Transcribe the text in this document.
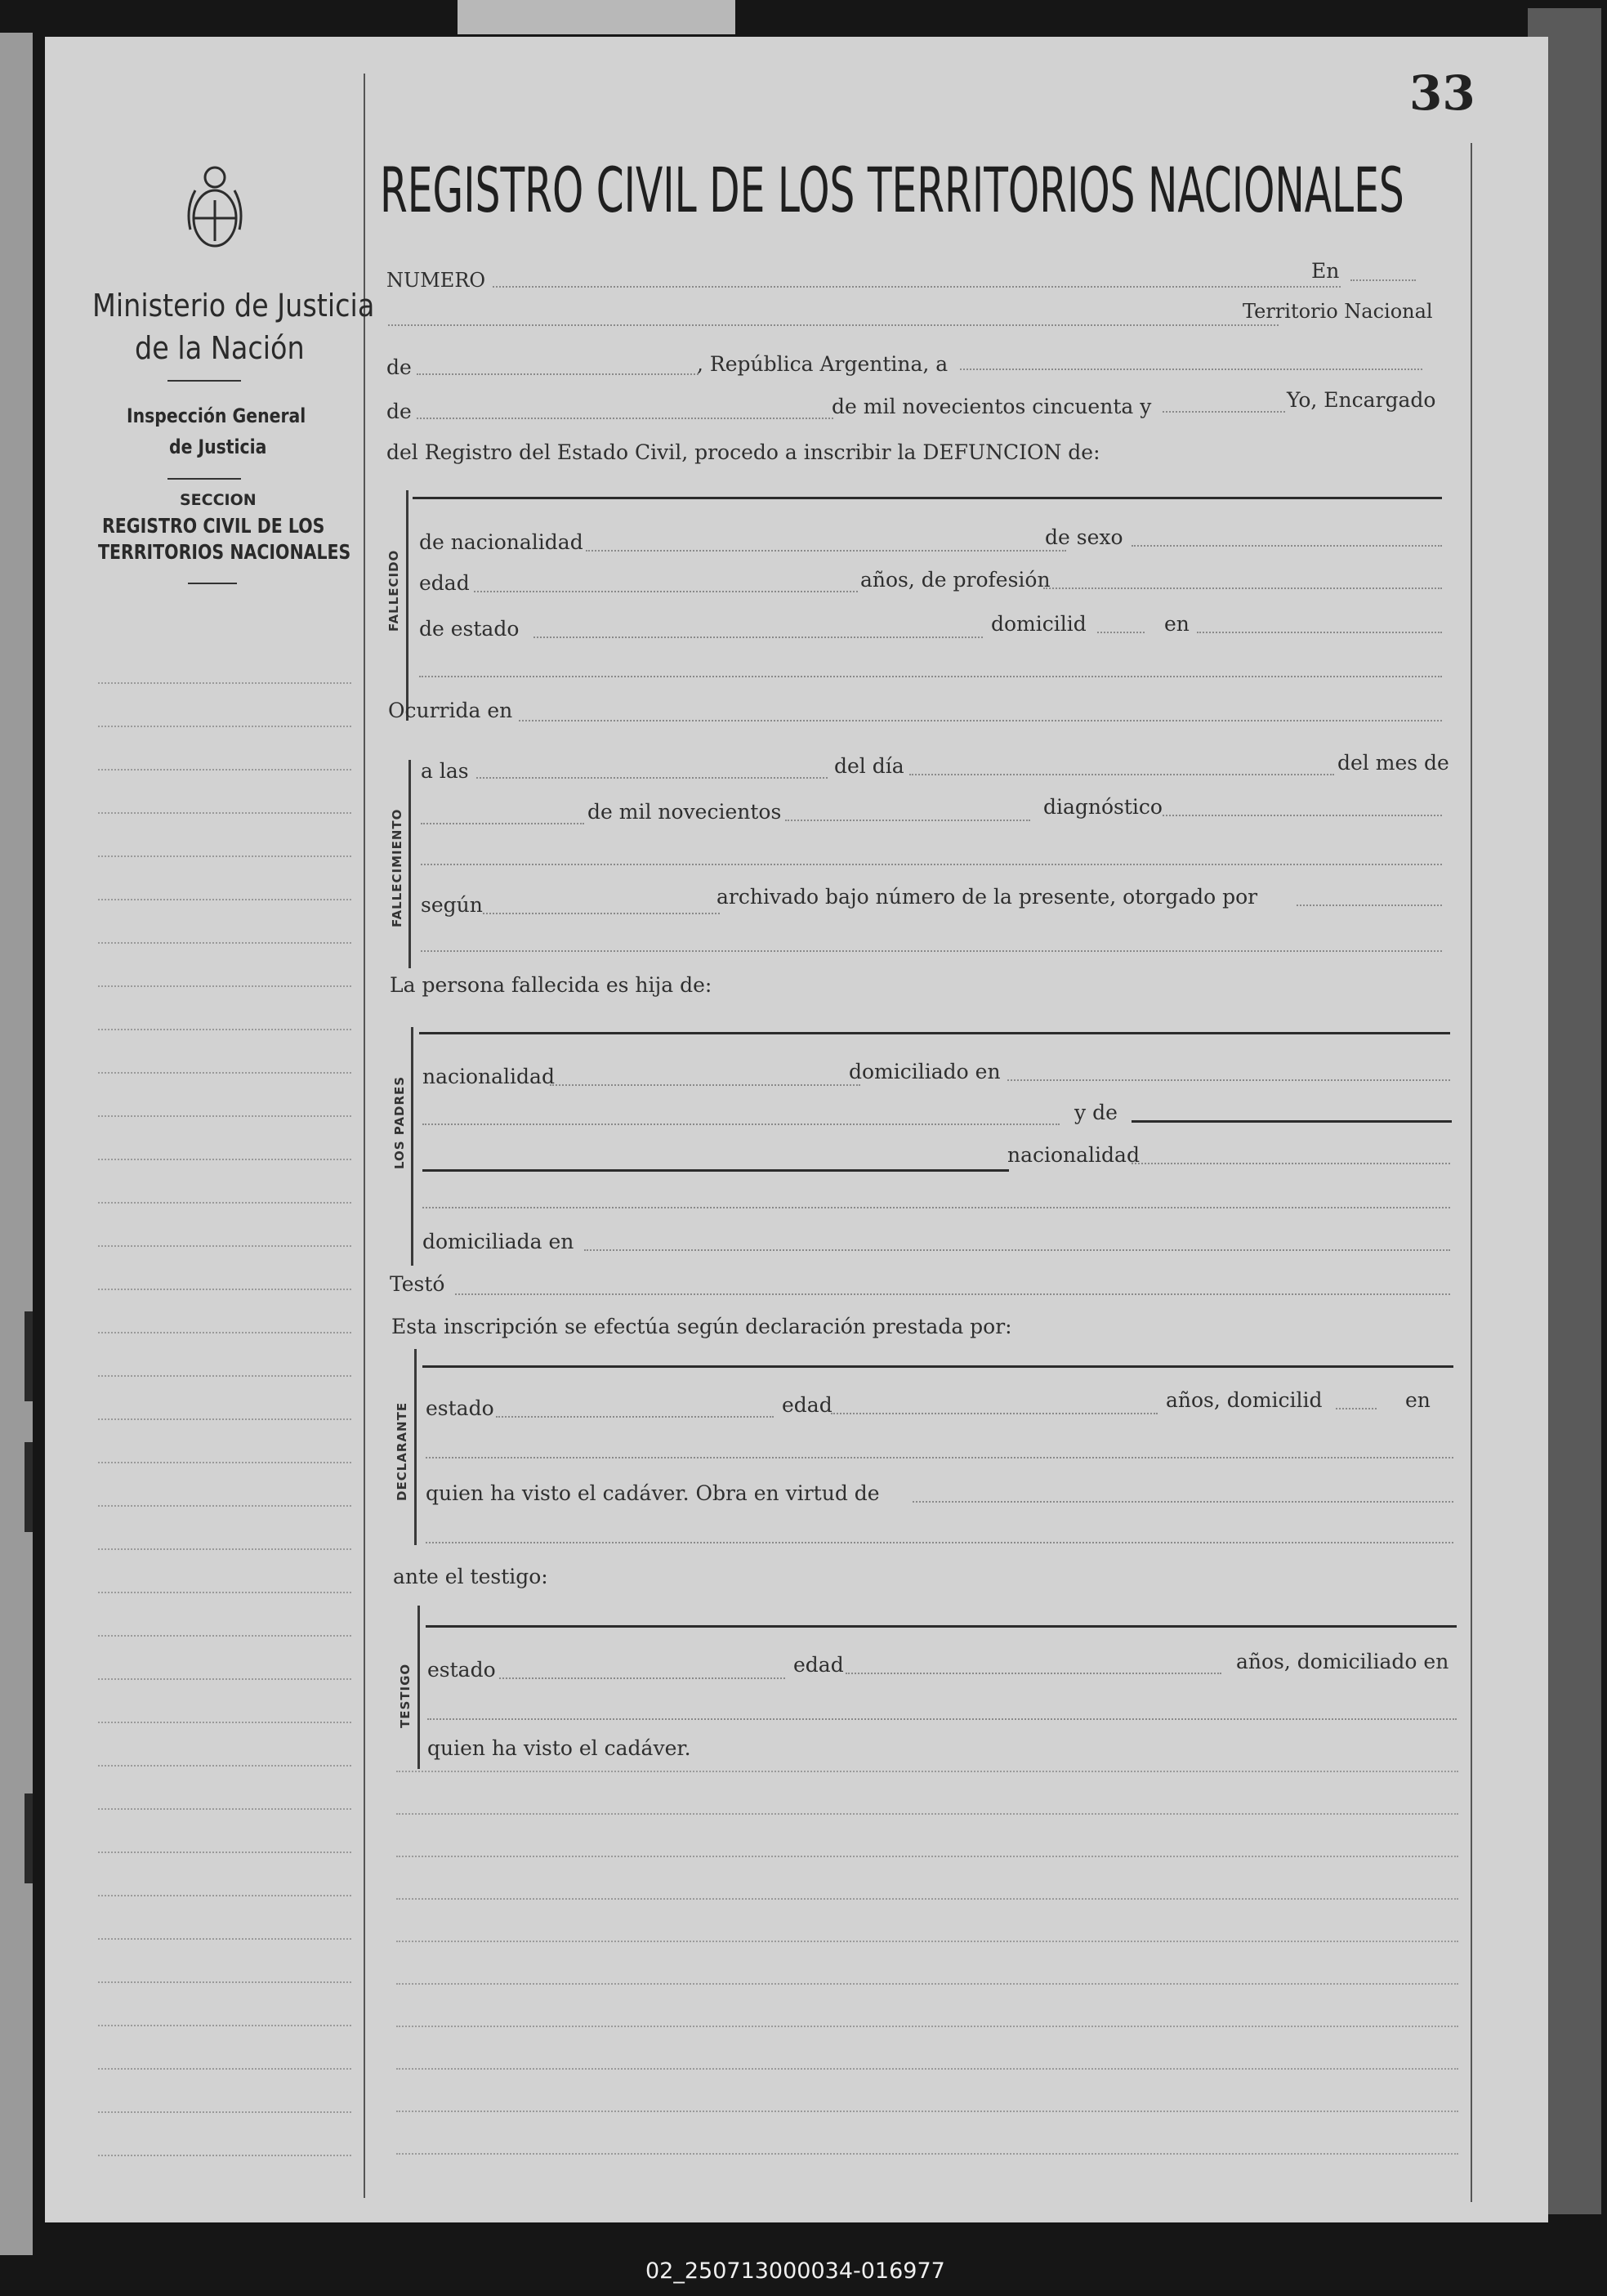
33
Ministerio de Justicia
de la Nación
Inspección General
de Justicia
SECCION
REGISTRO CIVIL DE LOS
TERRITORIOS NACIONALES
REGISTRO CIVIL DE LOS TERRITORIOS NACIONALES
NUMERO	En
Territorio Nacional
de	, República Argentina, a
de	de mil novecientos cincuenta y	Yo, Encargado
del Registro del Estado Civil, procedo a inscribir la DEFUNCION de:
FALLECIDO
de nacionalidad	de sexo
edad	años, de profesión
de estado	domicilid	en
Ocurrida en
FALLECIMIENTO
a las	del día	del mes de
de mil novecientos	diagnóstico
según	archivado bajo número de la presente, otorgado por
La persona fallecida es hija de:
LOS PADRES nacionalidad	domiciliado en
y de
nacionalidad
domiciliada en
Testó
Esta inscripción se efectúa según declaración prestada por:
DECLARANTE estado	edad	años, domicilid	en
quien ha visto el cadáver. Obra en virtud de
ante el testigo:
TESTIGO estado	edad	años, domiciliado en
quien ha visto el cadáver.
02_250713000034-016977
